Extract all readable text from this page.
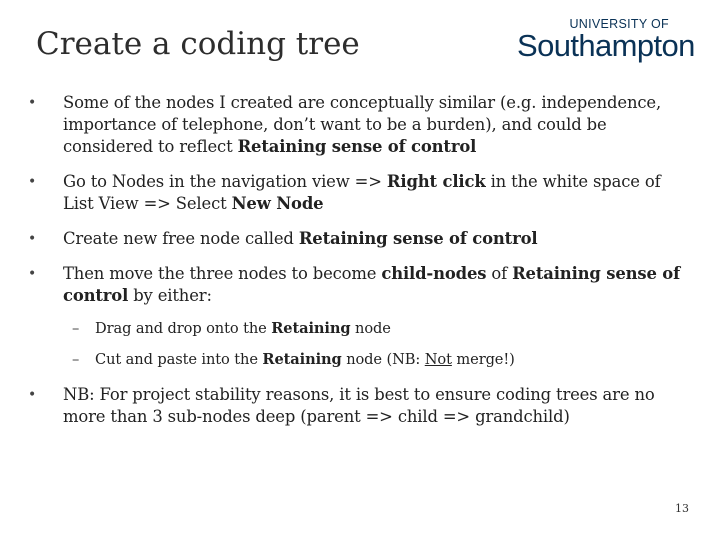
Create a coding tree
UNIVERSITY OF
Southampton
• Some of the nodes I created are conceptually similar (e.g. independence, importance of telephone, don’t want to be a burden), and could be considered to reflect Retaining sense of control
• Go to Nodes in the navigation view => Right click in the white space of List View => Select New Node
• Create new free node called Retaining sense of control
• Then move the three nodes to become child-nodes of Retaining sense of control by either:
– Drag and drop onto the Retaining node
– Cut and paste into the Retaining node (NB: Not merge!)
• NB: For project stability reasons, it is best to ensure coding trees are no more than 3 sub-nodes deep (parent => child => grandchild)
13
